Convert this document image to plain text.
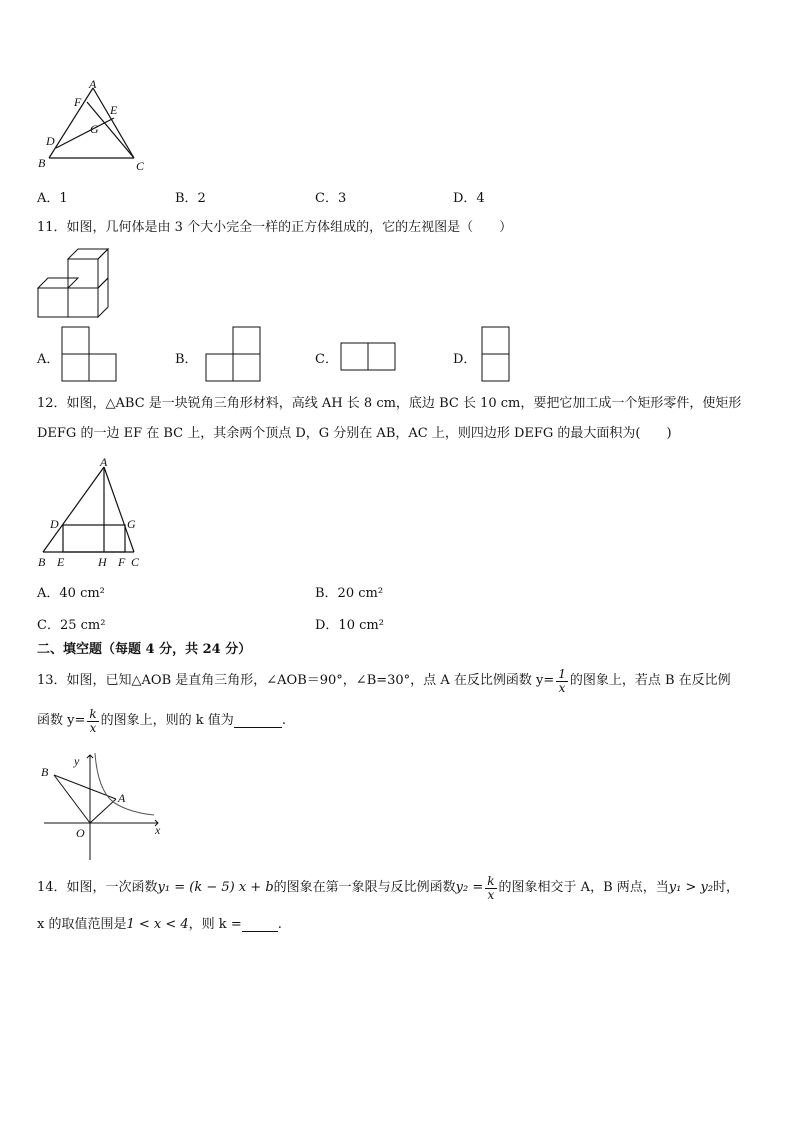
A
F
E
G
D
B	C
A．1	B．2	C．3	D．4
11．如图，几何体是由 3 个大小完全一样的正方体组成的，它的左视图是（　　）
A．	B．	C．	D．
12．如图，△ABC 是一块锐角三角形材料，高线 AH 长 8 cm，底边 BC 长 10 cm，要把它加工成一个矩形零件，使矩形
DEFG 的一边 EF 在 BC 上，其余两个顶点 D，G 分别在 AB，AC 上，则四边形 DEFG 的最大面积为(　　)
A
D	G
B E	H F C
A．40 cm²	B．20 cm²
C．25 cm²	D．10 cm²
二、填空题（每题 4 分，共 24 分）
13．如图，已知△AOB 是直角三角形，∠AOB＝90°，∠B=30°，点 A 在反比例函数 $y= \frac{1}{x}$ 的图象上，若点 B 在反比例
函数 $y= \frac{k}{x}$ 的图象上，则的 k 值为	.
B
y
A
O	x
14．如图，一次函数 y₁ = (k − 5) x + b 的图象在第一象限与反比例函数 $y_2 = \frac{k}{x}$ 的图象相交于 A，B 两点，当 y₁ > y₂ 时，
x 的取值范围是 1 < x < 4 ，则 k =	.
